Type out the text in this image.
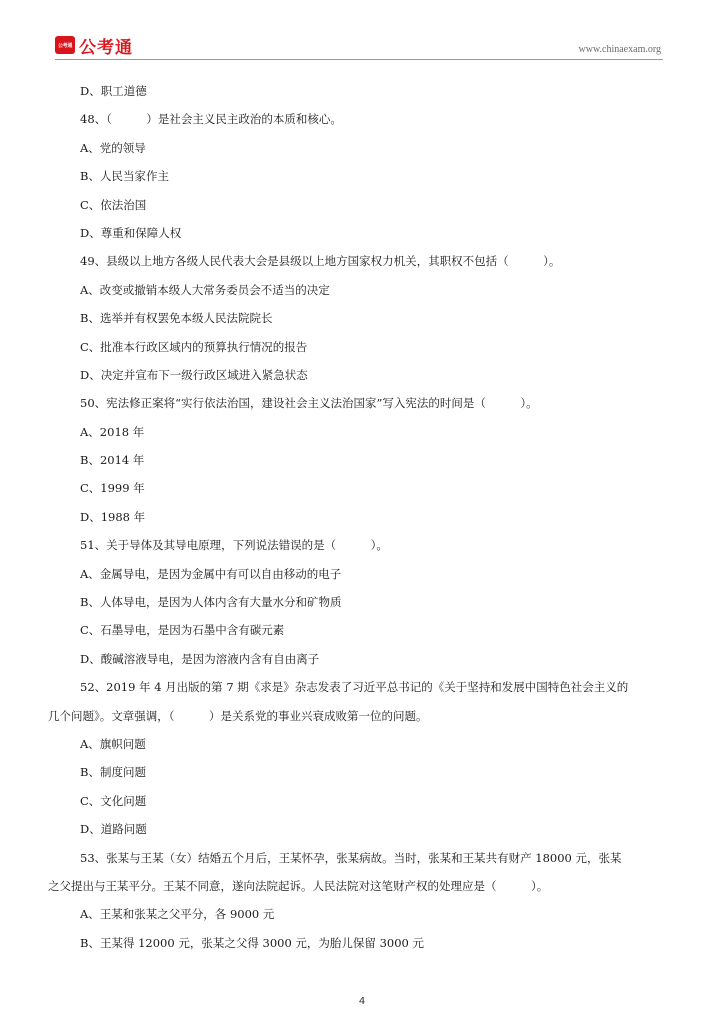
公考通 公考通	www.chinaexam.org
D、职工道德
48、（　　　）是社会主义民主政治的本质和核心。
A、党的领导
B、人民当家作主
C、依法治国
D、尊重和保障人权
49、县级以上地方各级人民代表大会是县级以上地方国家权力机关，其职权不包括（　　　）。
A、改变或撤销本级人大常务委员会不适当的决定
B、选举并有权罢免本级人民法院院长
C、批准本行政区域内的预算执行情况的报告
D、决定并宣布下一级行政区域进入紧急状态
50、宪法修正案将“实行依法治国，建设社会主义法治国家”写入宪法的时间是（　　　）。
A、2018 年
B、2014 年
C、1999 年
D、1988 年
51、关于导体及其导电原理，下列说法错误的是（　　　）。
A、金属导电，是因为金属中有可以自由移动的电子
B、人体导电，是因为人体内含有大量水分和矿物质
C、石墨导电，是因为石墨中含有碳元素
D、酸碱溶液导电，是因为溶液内含有自由离子
52、2019 年 4 月出版的第 7 期《求是》杂志发表了习近平总书记的《关于坚持和发展中国特色社会主义的
几个问题》。文章强调，（　　　）是关系党的事业兴衰成败第一位的问题。
A、旗帜问题
B、制度问题
C、文化问题
D、道路问题
53、张某与王某（女）结婚五个月后，王某怀孕，张某病故。当时，张某和王某共有财产 18000 元，张某
之父提出与王某平分。王某不同意，遂向法院起诉。人民法院对这笔财产权的处理应是（　　　）。
A、王某和张某之父平分，各 9000 元
B、王某得 12000 元，张某之父得 3000 元，为胎儿保留 3000 元
4
